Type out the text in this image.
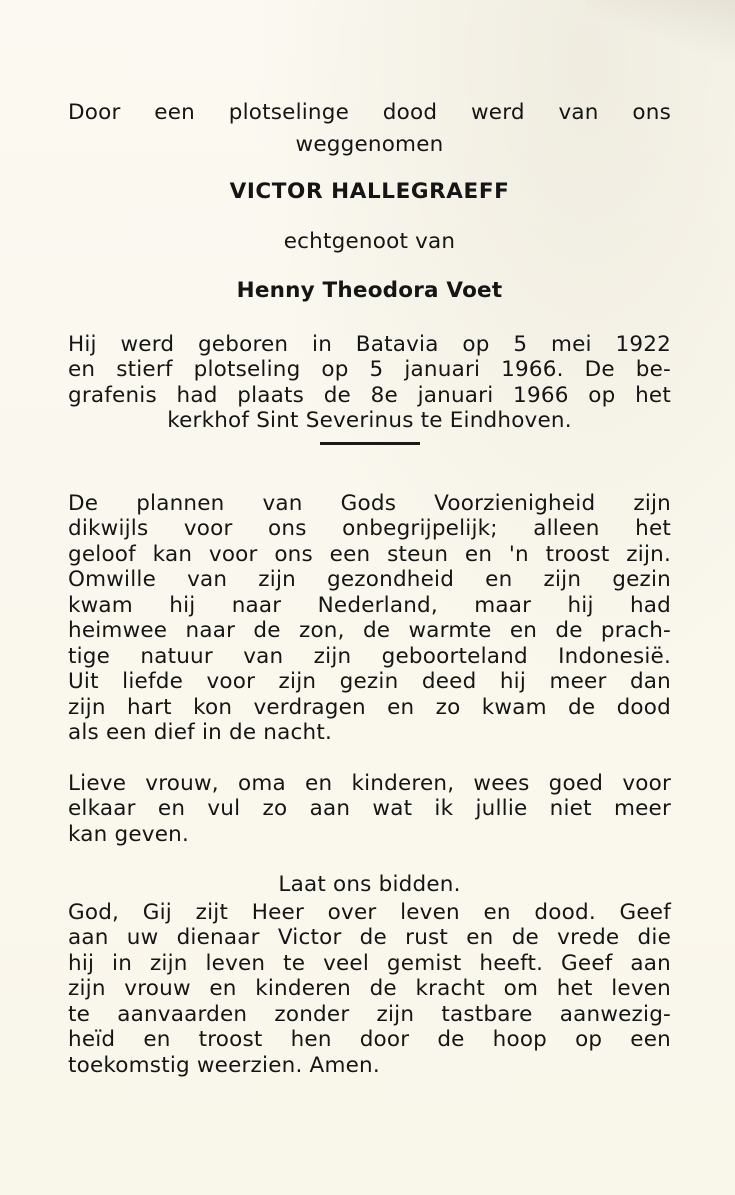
Door een plotselinge dood werd van ons

weggenomen

VICTOR HALLEGRAEFF

echtgenoot van

Henny Theodora Voet

Hij werd geboren in Batavia op 5 mei 1922
en stierf plotseling op 5 januari 1966. De be-
grafenis had plaats de 8e januari 1966 op het
kerkhof Sint Severinus te Eindhoven.
De plannen van Gods Voorzienigheid zijn
dikwijls voor ons onbegrijpelijk; alleen het
geloof kan voor ons een steun en 'n troost zijn.
Omwille van zijn gezondheid en zijn gezin
kwam hij naar Nederland, maar hij had
heimwee naar de zon, de warmte en de prach-
tige natuur van zijn geboorteland Indonesië.
Uit liefde voor zijn gezin deed hij meer dan
zijn hart kon verdragen en zo kwam de dood
als een dief in de nacht.
Lieve vrouw, oma en kinderen, wees goed voor
elkaar en vul zo aan wat ik jullie niet meer
kan geven.

Laat ons bidden.

God, Gij zijt Heer over leven en dood. Geef
aan uw dienaar Victor de rust en de vrede die
hij in zijn leven te veel gemist heeft. Geef aan
zijn vrouw en kinderen de kracht om het leven
te aanvaarden zonder zijn tastbare aanwezig-
heïd en troost hen door de hoop op een
toekomstig weerzien. Amen.
